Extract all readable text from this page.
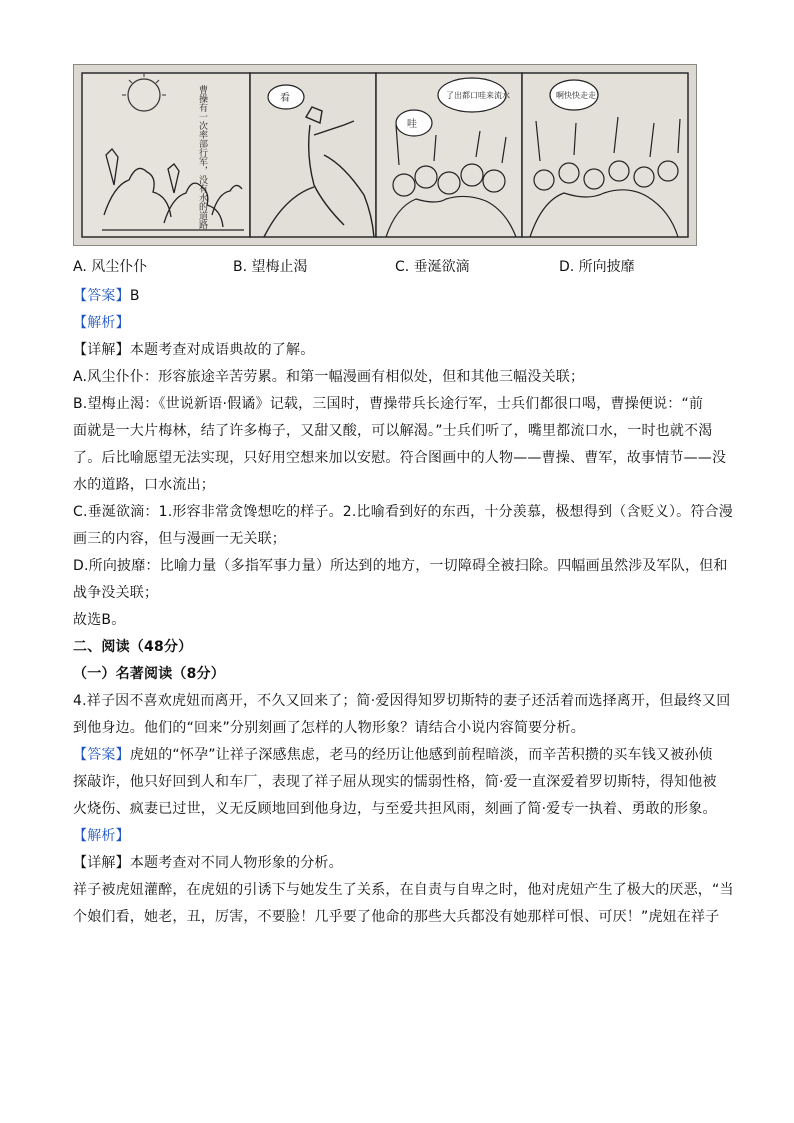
曹操有一次率部行军，没有水的道路	看
哇
了出都口哇来流水	啊快快走走
A. 风尘仆仆	B. 望梅止渴	C. 垂涎欲滴	D. 所向披靡
【答案】B
【解析】
【详解】本题考查对成语典故的了解。
A.风尘仆仆：形容旅途辛苦劳累。和第一幅漫画有相似处，但和其他三幅没关联；
B.望梅止渴：《世说新语·假谲》记载，三国时，曹操带兵长途行军，士兵们都很口喝，曹操便说：“前
面就是一大片梅林，结了许多梅子，又甜又酸，可以解渴。”士兵们听了，嘴里都流口水，一时也就不渴
了。后比喻愿望无法实现，只好用空想来加以安慰。符合图画中的人物——曹操、曹军，故事情节——没
水的道路，口水流出；
C.垂涎欲滴：1.形容非常贪馋想吃的样子。2.比喻看到好的东西，十分羡慕，极想得到（含贬义）。符合漫
画三的内容，但与漫画一无关联；
D.所向披靡：比喻力量（多指军事力量）所达到的地方，一切障碍全被扫除。四幅画虽然涉及军队，但和
战争没关联；
故选B。
二、阅读（48分）
（一）名著阅读（8分）
4.祥子因不喜欢虎妞而离开，不久又回来了；简·爱因得知罗切斯特的妻子还活着而选择离开，但最终又回
到他身边。他们的“回来”分别刻画了怎样的人物形象？请结合小说内容简要分析。
【答案】虎妞的“怀孕”让祥子深感焦虑，老马的经历让他感到前程暗淡，而辛苦积攒的买车钱又被孙侦
探敲诈，他只好回到人和车厂，表现了祥子屈从现实的懦弱性格，简·爱一直深爱着罗切斯特，得知他被
火烧伤、疯妻已过世，义无反顾地回到他身边，与至爱共担风雨，刻画了简·爱专一执着、勇敢的形象。
【解析】
【详解】本题考查对不同人物形象的分析。
祥子被虎妞灌醉，在虎妞的引诱下与她发生了关系，在自责与自卑之时，他对虎妞产生了极大的厌恶，“当
个娘们看，她老，丑，厉害，不要脸！几乎要了他命的那些大兵都没有她那样可恨、可厌！”虎妞在祥子
